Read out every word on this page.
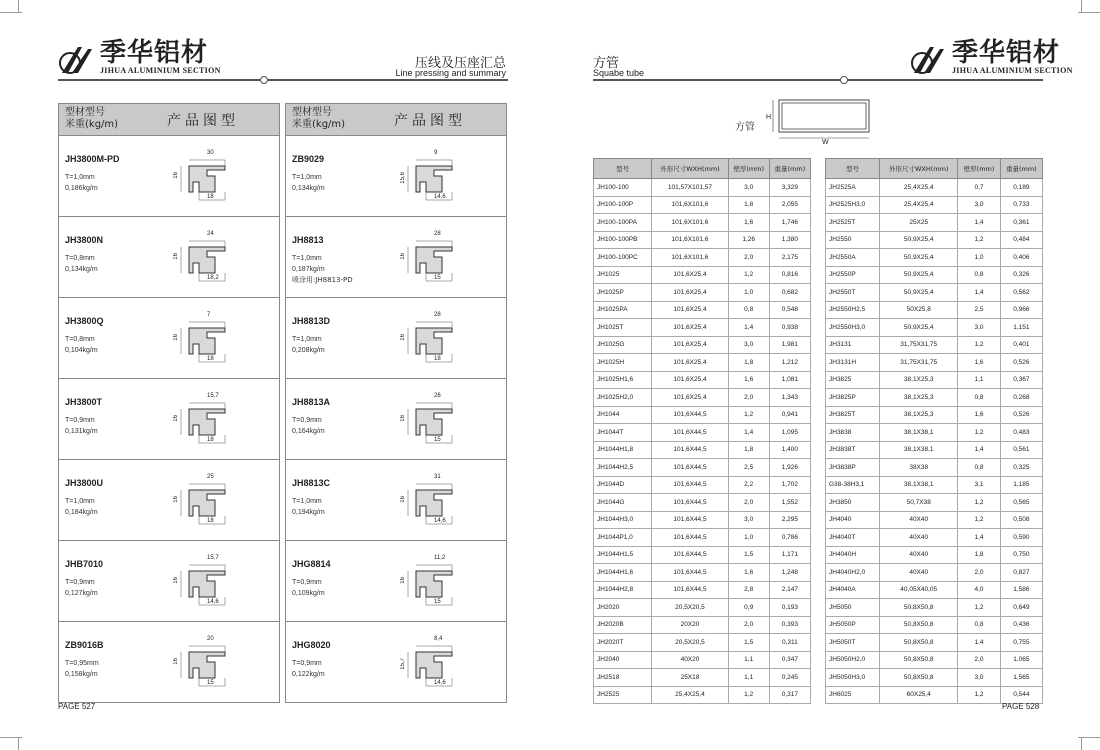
季华铝材
JIHUA ALUMINIUM SECTION	压线及压座汇总
Line pressing and summary
型材型号
米重(kg/m)	产品图型
JH3800M-PD
T=1,0mm
0,186kg/m
30
16
18
JH3800N
T=0,8mm
0,134kg/m
24
16
18,2
JH3800Q
T=0,8mm
0,104kg/m
7
16
18
JH3800T
T=0,9mm
0,131kg/m
15,7
16
18
JH3800U
T=1,0mm
0,184kg/m
25
16
18
JHB7010
T=0,9mm
0,127kg/m
15,7
16
14,6
ZB9016B
T=0,95mm
0,158kg/m
20
16
15
型材型号
米重(kg/m)	产品图型
ZB9029
T=1,0mm
0,134kg/m
9
15,6
14,6
JH8813
T=1,0mm
0,187kg/m
喷涂用:JH8813-PD
28
16
15
JH8813D
T=1,0mm
0,208kg/m
28
16
18
JH8813A
T=0,9mm
0,164kg/m
26
16
15
JH8813C
T=1,0mm
0,194kg/m
31
16
14,6
JHG8814
T=0,9mm
0,109kg/m
11,2
16
15
JHG8020
T=0,9mm
0,122kg/m
8,4
15,7
14,6
PAGE 527
方管
Squabe tube
季华铝材
JIHUA ALUMINIUM SECTION
方管
H
W
型号	外形尺寸WXH(mm)	壁厚(mm)	重量(mm)
JH100-100	101,57X101,57	3,0	3,329
JH100-100P	101,6X101,6	1,8	2,055
JH100-100PA	101,6X101,6	1,6	1,746
JH100-100PB	101,6X101,6	1,26	1,380
JH100-100PC	101,6X101,6	2,0	2,175
JH1025	101,6X25,4	1,2	0,816
JH1025P	101,6X25,4	1,0	0,682
JH1025PA	101,6X25,4	0,8	0,548
JH1025T	101,6X25,4	1,4	0,938
JH1025G	101,6X25,4	3,0	1,981
JH1025H	101,6X25,4	1,8	1,212
JH1025H1,6	101,6X25,4	1,6	1,081
JH1025H2,0	101,6X25,4	2,0	1,343
JH1044	101,6X44,5	1,2	0,941
JH1044T	101,6X44,5	1,4	1,095
JH1044H1,8	101,6X44,5	1,8	1,400
JH1044H2,5	101,6X44,5	2,5	1,926
JH1044D	101,6X44,5	2,2	1,702
JH1044G	101,6X44,5	2,0	1,552
JH1044H3,0	101,6X44,5	3,0	2,295
JH1044P1,0	101,6X44,5	1,0	0,786
JH1044H1,5	101,6X44,5	1,5	1,171
JH1044H1,6	101,6X44,5	1,6	1,248
JH1044H2,8	101,6X44,5	2,8	2,147
JH2020	20,5X20,5	0,9	0,193
JH2020B	20X20	2,0	0,393
JH2020T	20,5X20,5	1,5	0,311
JH2040	40X20	1,1	0,347
JH2518	25X18	1,1	0,245
JH2525	25,4X25,4	1,2	0,317
型号	外形尺寸WXH(mm)	壁厚(mm)	重量(mm)
JH2525A	25,4X25,4	0,7	0,189
JH2525H3,0	25,4X25,4	3,0	0,733
JH2525T	25X25	1,4	0,361
JH2550	50,9X25,4	1,2	0,484
JH2550A	50,9X25,4	1,0	0,406
JH2550P	50,9X25,4	0,8	0,326
JH2550T	50,9X25,4	1,4	0,562
JH2550H2,5	50X25,8	2,5	0,966
JH2550H3,0	50,9X25,4	3,0	1,151
JH3131	31,75X31,75	1,2	0,401
JH3131H	31,75X31,75	1,6	0,526
JH3825	38,1X25,3	1,1	0,367
JH3825P	38,1X25,3	0,8	0,268
JH3825T	38,1X25,3	1,6	0,526
JH3838	38,1X38,1	1,2	0,483
JH3838T	38,1X38,1	1,4	0,561
JH3838P	38X38	0,8	0,325
G38-38H3,1	38,1X38,1	3,1	1,185
JH3850	50,7X38	1,2	0,565
JH4040	40X40	1,2	0,508
JH4040T	40X40	1,4	0,590
JH4040H	40X40	1,8	0,750
JH4040H2,0	40X40	2,0	0,827
JH4040A	40,05X40,05	4,0	1,586
JH5050	50,8X50,8	1,2	0,649
JH5050P	50,8X50,8	0,8	0,436
JH5050T	50,8X50,8	1,4	0,755
JH5050H2,0	50,8X50,8	2,0	1,065
JH5050H3,0	50,8X50,8	3,0	1,565
JH6025	60X25,4	1,2	0,544
PAGE 528
